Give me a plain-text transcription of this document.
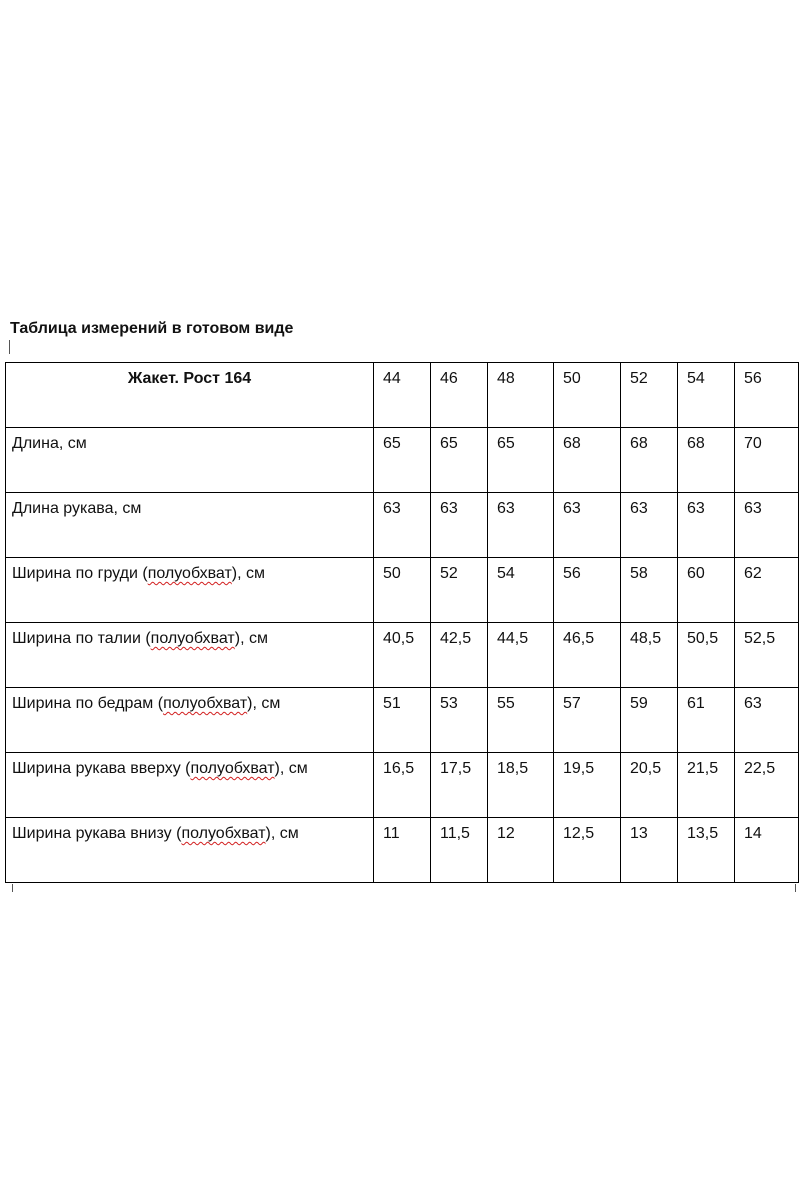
Таблица измерений в готовом виде
Жакет. Рост 164	44	46	48	50	52	54	56
Длина, см	65	65	65	68	68	68	70
Длина рукава, см	63	63	63	63	63	63	63
Ширина по груди (полуобхват), см	50	52	54	56	58	60	62
Ширина по талии (полуобхват), см	40,5	42,5	44,5	46,5	48,5	50,5	52,5
Ширина по бедрам (полуобхват), см	51	53	55	57	59	61	63
Ширина рукава вверху (полуобхват), см	16,5	17,5	18,5	19,5	20,5	21,5	22,5
Ширина рукава внизу (полуобхват), см	11	11,5	12	12,5	13	13,5	14
